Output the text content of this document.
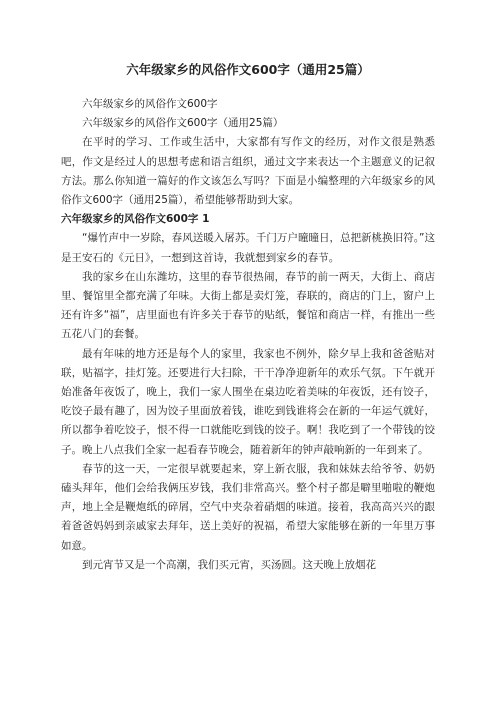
六年级家乡的风俗作文600字（通用25篇）

六年级家乡的风俗作文600字

六年级家乡的风俗作文600字（通用25篇）

在平时的学习、工作或生活中，大家都有写作文的经历，对作文很是熟悉吧，作文是经过人的思想考虑和语言组织，通过文字来表达一个主题意义的记叙方法。那么你知道一篇好的作文该怎么写吗？下面是小编整理的六年级家乡的风俗作文600字（通用25篇），希望能够帮助到大家。

六年级家乡的风俗作文600字 1

“爆竹声中一岁除，春风送暖入屠苏。千门万户曈曈日，总把新桃换旧符。”这是王安石的《元日》，一想到这首诗，我就想到家乡的春节。

我的家乡在山东潍坊，这里的春节很热闹，春节的前一两天，大街上、商店里、餐馆里全都充满了年味。大街上都是卖灯笼，春联的，商店的门上，窗户上还有许多“福”，店里面也有许多关于春节的贴纸，餐馆和商店一样，有推出一些五花八门的套餐。

最有年味的地方还是每个人的家里，我家也不例外，除夕早上我和爸爸贴对联，贴福字，挂灯笼。还要进行大扫除，干干净净迎新年的欢乐气氛。下午就开始准备年夜饭了，晚上，我们一家人围坐在桌边吃着美味的年夜饭，还有饺子，吃饺子最有趣了，因为饺子里面放着钱，谁吃到钱谁将会在新的一年运气就好，所以都争着吃饺子，恨不得一口就能吃到钱的饺子。啊！我吃到了一个带钱的饺子。晚上八点我们全家一起看春节晚会，随着新年的钟声敲响新的一年到来了。

春节的这一天，一定很早就要起来，穿上新衣服，我和妹妹去给爷爷、奶奶磕头拜年，他们会给我俩压岁钱，我们非常高兴。整个村子都是噼里啪啦的鞭炮声，地上全是鞭炮纸的碎屑，空气中夹杂着硝烟的味道。接着，我高高兴兴的跟着爸爸妈妈到亲戚家去拜年，送上美好的祝福，希望大家能够在新的一年里万事如意。

到元宵节又是一个高潮，我们买元宵，买汤圆。这天晚上放烟花
